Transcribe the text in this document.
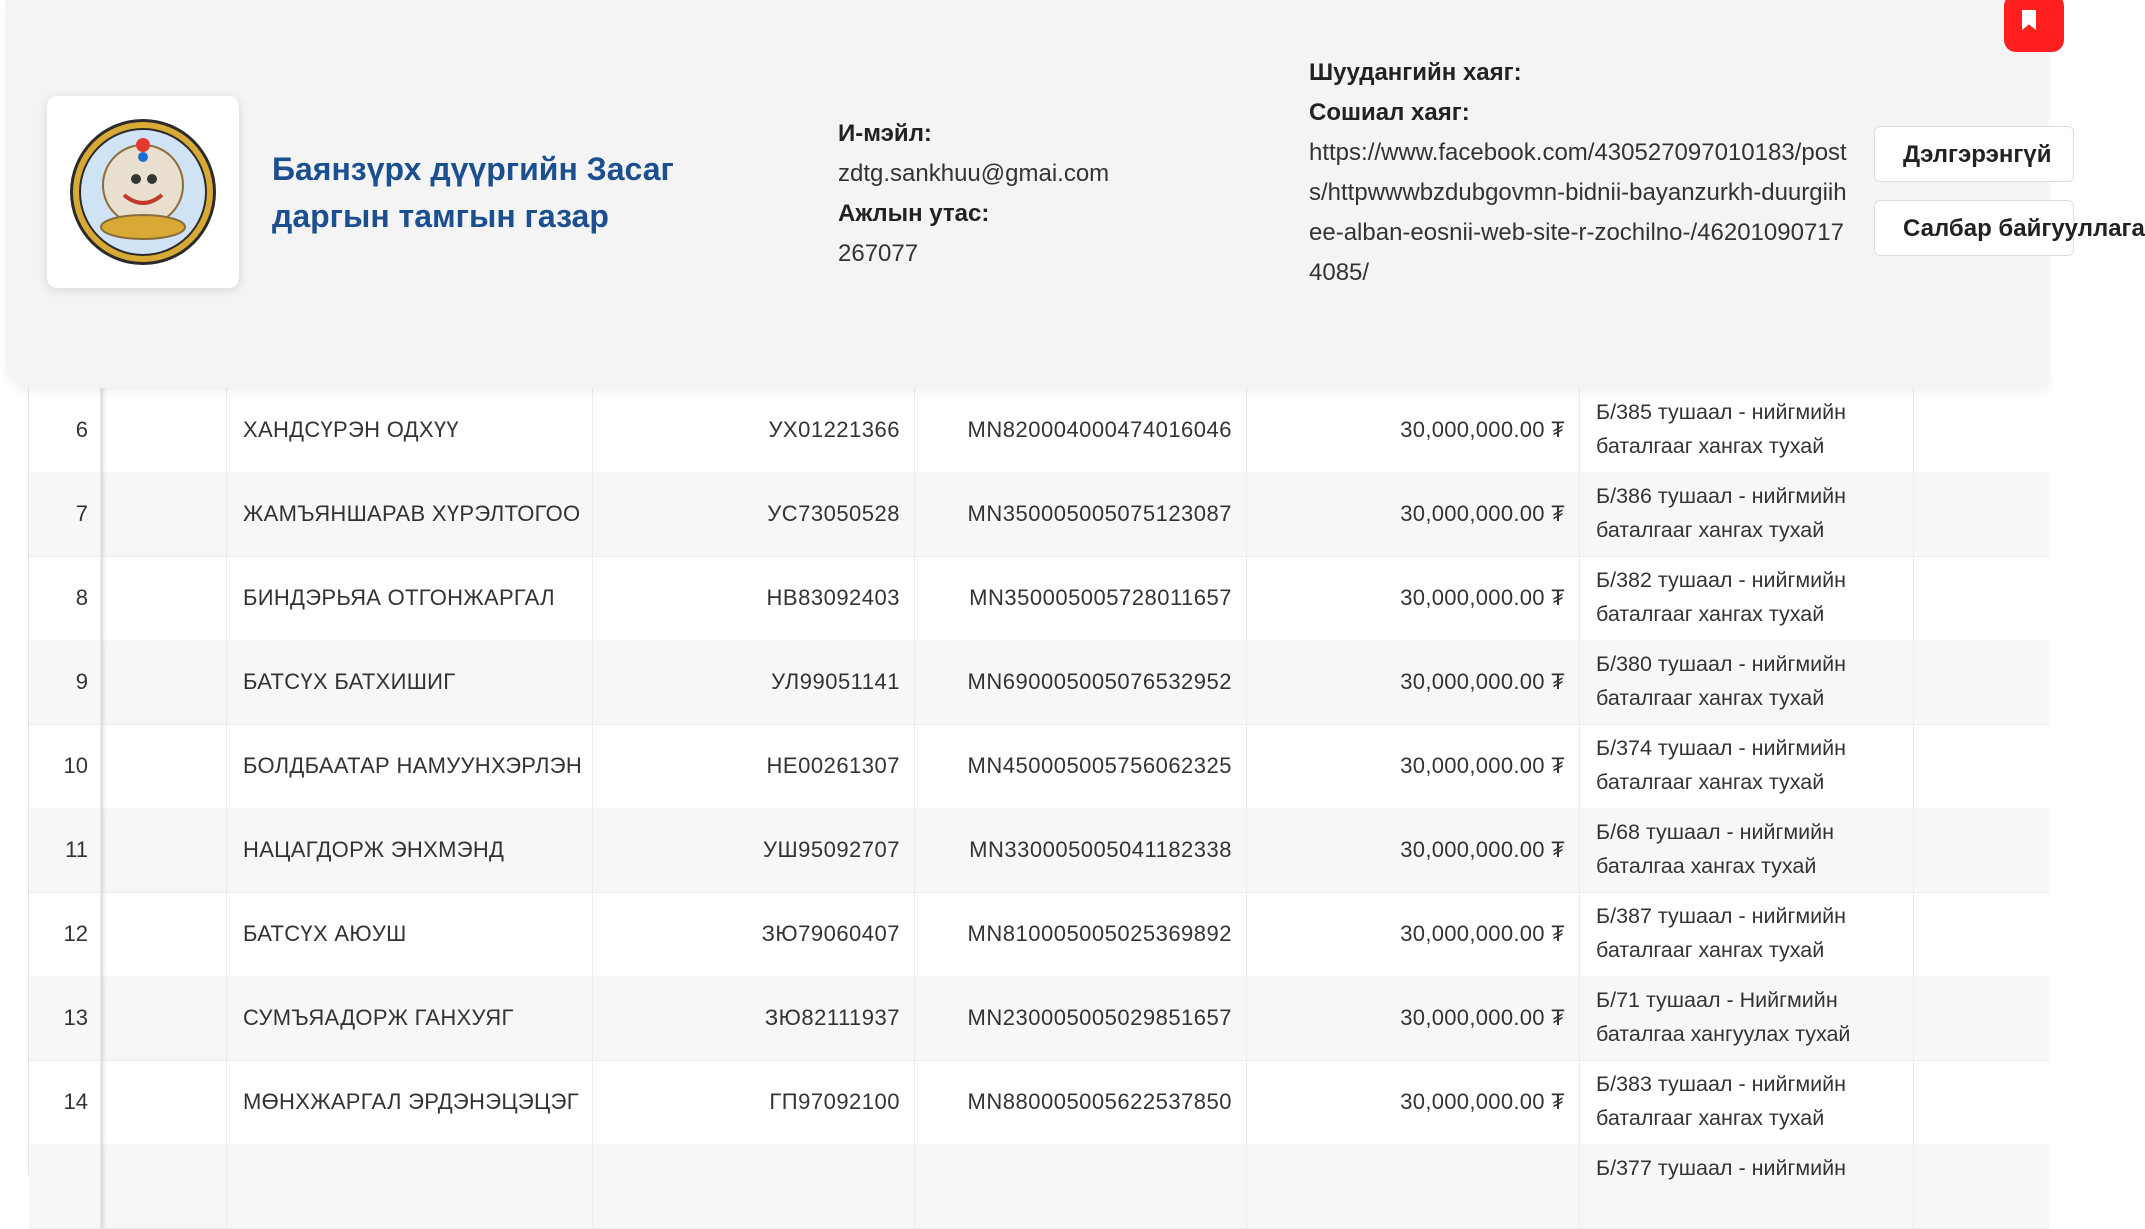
6	ХАНДСҮРЭН ОДХҮҮ	УХ01221366	MN820004000474016046	30,000,000.00 ₮
Б/385 тушаал - нийгмийн баталгааг хангах тухай
7	ЖАМЪЯНШАРАВ ХҮРЭЛТОГОО	УС73050528	MN350005005075123087	30,000,000.00 ₮
Б/386 тушаал - нийгмийн баталгааг хангах тухай
8	БИНДЭРЬЯА ОТГОНЖАРГАЛ	НВ83092403	MN350005005728011657	30,000,000.00 ₮
Б/382 тушаал - нийгмийн баталгааг хангах тухай
9	БАТСҮХ БАТХИШИГ	УЛ99051141	MN690005005076532952	30,000,000.00 ₮
Б/380 тушаал - нийгмийн баталгааг хангах тухай
10	БОЛДБААТАР НАМУУНХЭРЛЭН	НЕ00261307	MN450005005756062325	30,000,000.00 ₮
Б/374 тушаал - нийгмийн баталгааг хангах тухай
11	НАЦАГДОРЖ ЭНХМЭНД	УШ95092707	MN330005005041182338	30,000,000.00 ₮
Б/68 тушаал - нийгмийн баталгаа хангах тухай
12	БАТСҮХ АЮУШ	ЗЮ79060407	MN810005005025369892	30,000,000.00 ₮
Б/387 тушаал - нийгмийн баталгааг хангах тухай
13	СУМЪЯАДОРЖ ГАНХУЯГ	ЗЮ82111937	MN230005005029851657	30,000,000.00 ₮
Б/71 тушаал - Нийгмийн баталгаа хангуулах тухай
14	МӨНХЖАРГАЛ ЭРДЭНЭЦЭЦЭГ	ГП97092100	MN880005005622537850	30,000,000.00 ₮
Б/383 тушаал - нийгмийн баталгааг хангах тухай
Б/377 тушаал - нийгмийн
Баянзүрх дүүргийн Засаг даргын тамгын газар
И-мэйл:
zdtg.sankhuu@gmai.com
Ажлын утас:
267077
Шуудангийн хаяг:
Сошиал хаяг:
https://www.facebook.com/430527097010183/posts/httpwwwbzdubgovmn-bidnii-bayanzurkh-duurgiihee-alban-eosnii-web-site-r-zochilno-/462010907174085/
Дэлгэрэнгүй
Салбар байгууллага
